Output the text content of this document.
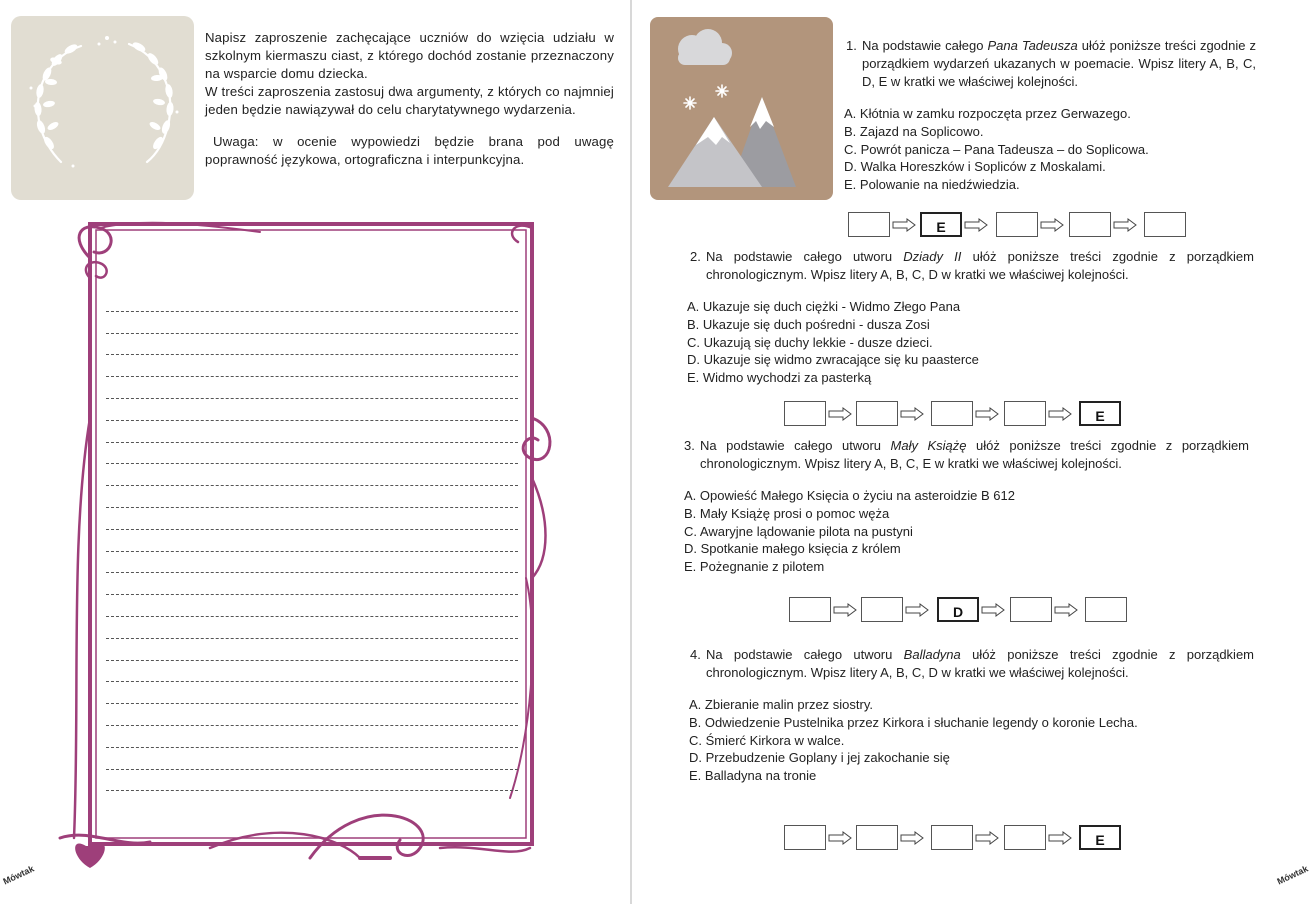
Napisz zaproszenie zachęcające uczniów do wzięcia udziału w szkolnym kiermaszu ciast, z którego dochód zostanie przeznaczony na wsparcie domu dziecka.

W treści zaproszenia zastosuj dwa argumenty, z których co najmniej jeden będzie nawiązywał do celu charytatywnego wydarzenia.

Uwaga: w ocenie wypowiedzi będzie brana pod uwagę poprawność językowa, ortograficzna i interpunkcyjna.

Mówtak	Mówtak
1. Na podstawie całego Pana Tadeusza ułóż poniższe treści zgodnie z porządkiem wydarzeń ukazanych w poemacie. Wpisz litery A, B, C, D, E w kratki we właściwej kolejności.
A. Kłótnia w zamku rozpoczęta przez Gerwazego.
B. Zajazd na Soplicowo.
C. Powrót panicza – Pana Tadeusza – do Soplicowa.
D. Walka Horeszków i Sopliców z Moskalami.
E. Polowanie na niedźwiedzia.
E
2. Na podstawie całego utworu Dziady II ułóż poniższe treści zgodnie z porządkiem chronologicznym. Wpisz litery A, B, C, D w kratki we właściwej kolejności.
A. Ukazuje się duch ciężki - Widmo Złego Pana
B. Ukazuje się duch pośredni - dusza Zosi
C. Ukazują się duchy lekkie - dusze dzieci.
D. Ukazuje się widmo zwracające się ku paasterce
E. Widmo wychodzi za pasterką
E
3. Na podstawie całego utworu Mały Książę ułóż poniższe treści zgodnie z porządkiem chronologicznym. Wpisz litery A, B, C, E w kratki we właściwej kolejności.
A. Opowieść Małego Księcia o życiu na asteroidzie B 612
B. Mały Książę prosi o pomoc węża
C. Awaryjne lądowanie pilota na pustyni
D. Spotkanie małego księcia z królem
E. Pożegnanie z pilotem
D
4. Na podstawie całego utworu Balladyna ułóż poniższe treści zgodnie z porządkiem chronologicznym. Wpisz litery A, B, C, D w kratki we właściwej kolejności.
A. Zbieranie malin przez siostry.
B. Odwiedzenie Pustelnika przez Kirkora i słuchanie legendy o koronie Lecha.
C. Śmierć Kirkora w walce.
D. Przebudzenie Goplany i jej zakochanie się
E. Balladyna na tronie
E
